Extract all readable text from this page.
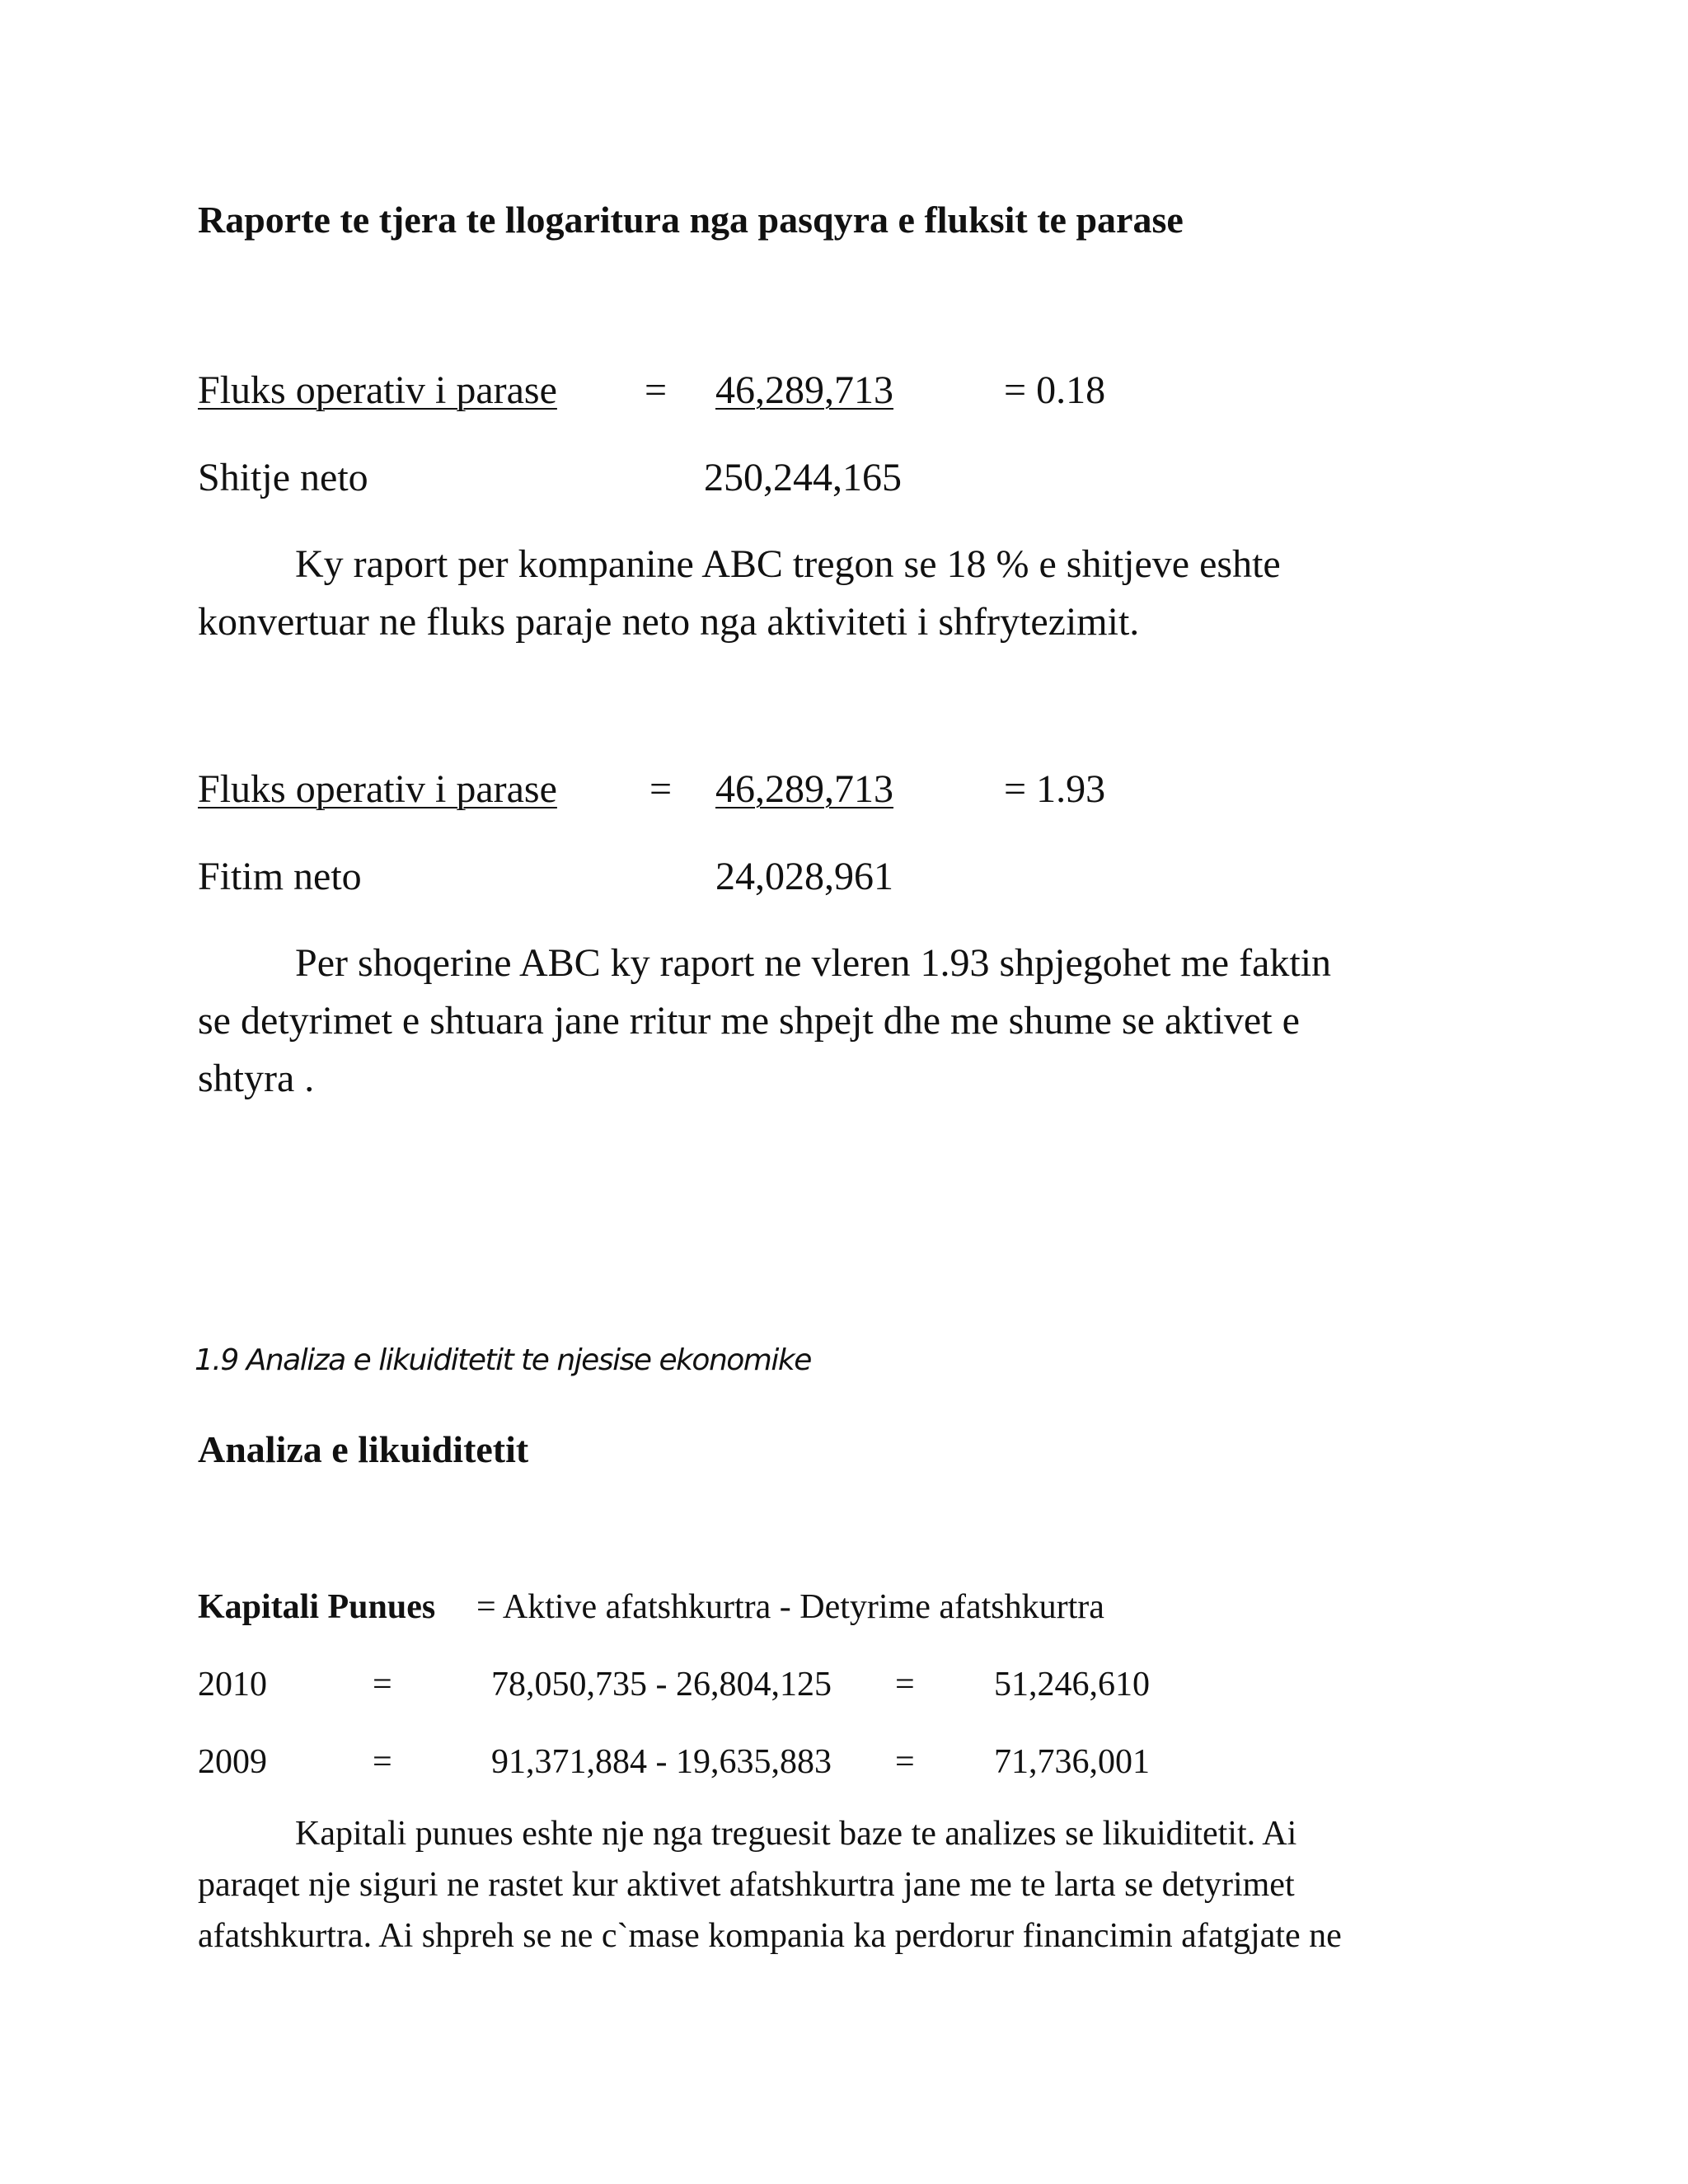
Raporte te tjera te llogaritura nga pasqyra e fluksit te parase
Fluks operativ i parase = 46,289,713	= 0.18
Shitje neto	250,244,165

Ky raport per kompanine ABC tregon se 18 % e shitjeve eshte
konvertuar ne fluks paraje neto nga aktiviteti i shfrytezimit.

Fluks operativ i parase = 46,289,713	= 1.93
Fitim neto	24,028,961

Per shoqerine ABC ky raport ne vleren 1.93 shpjegohet me faktin
se detyrimet e shtuara jane rritur me shpejt dhe me shume se aktivet e
shtyra .

1.9 Analiza e likuiditetit te njesise ekonomike
Analiza e likuiditetit
Kapitali Punues = Aktive afatshkurtra - Detyrime afatshkurtra
2010	=	78,050,735 - 26,804,125 = 51,246,610
2009	=	91,371,884 - 19,635,883 = 71,736,001

Kapitali punues eshte nje nga treguesit baze te analizes se likuiditetit. Ai
paraqet nje siguri ne rastet kur aktivet afatshkurtra jane me te larta se detyrimet
afatshkurtra. Ai shpreh se ne c`mase kompania ka perdorur financimin afatgjate ne
